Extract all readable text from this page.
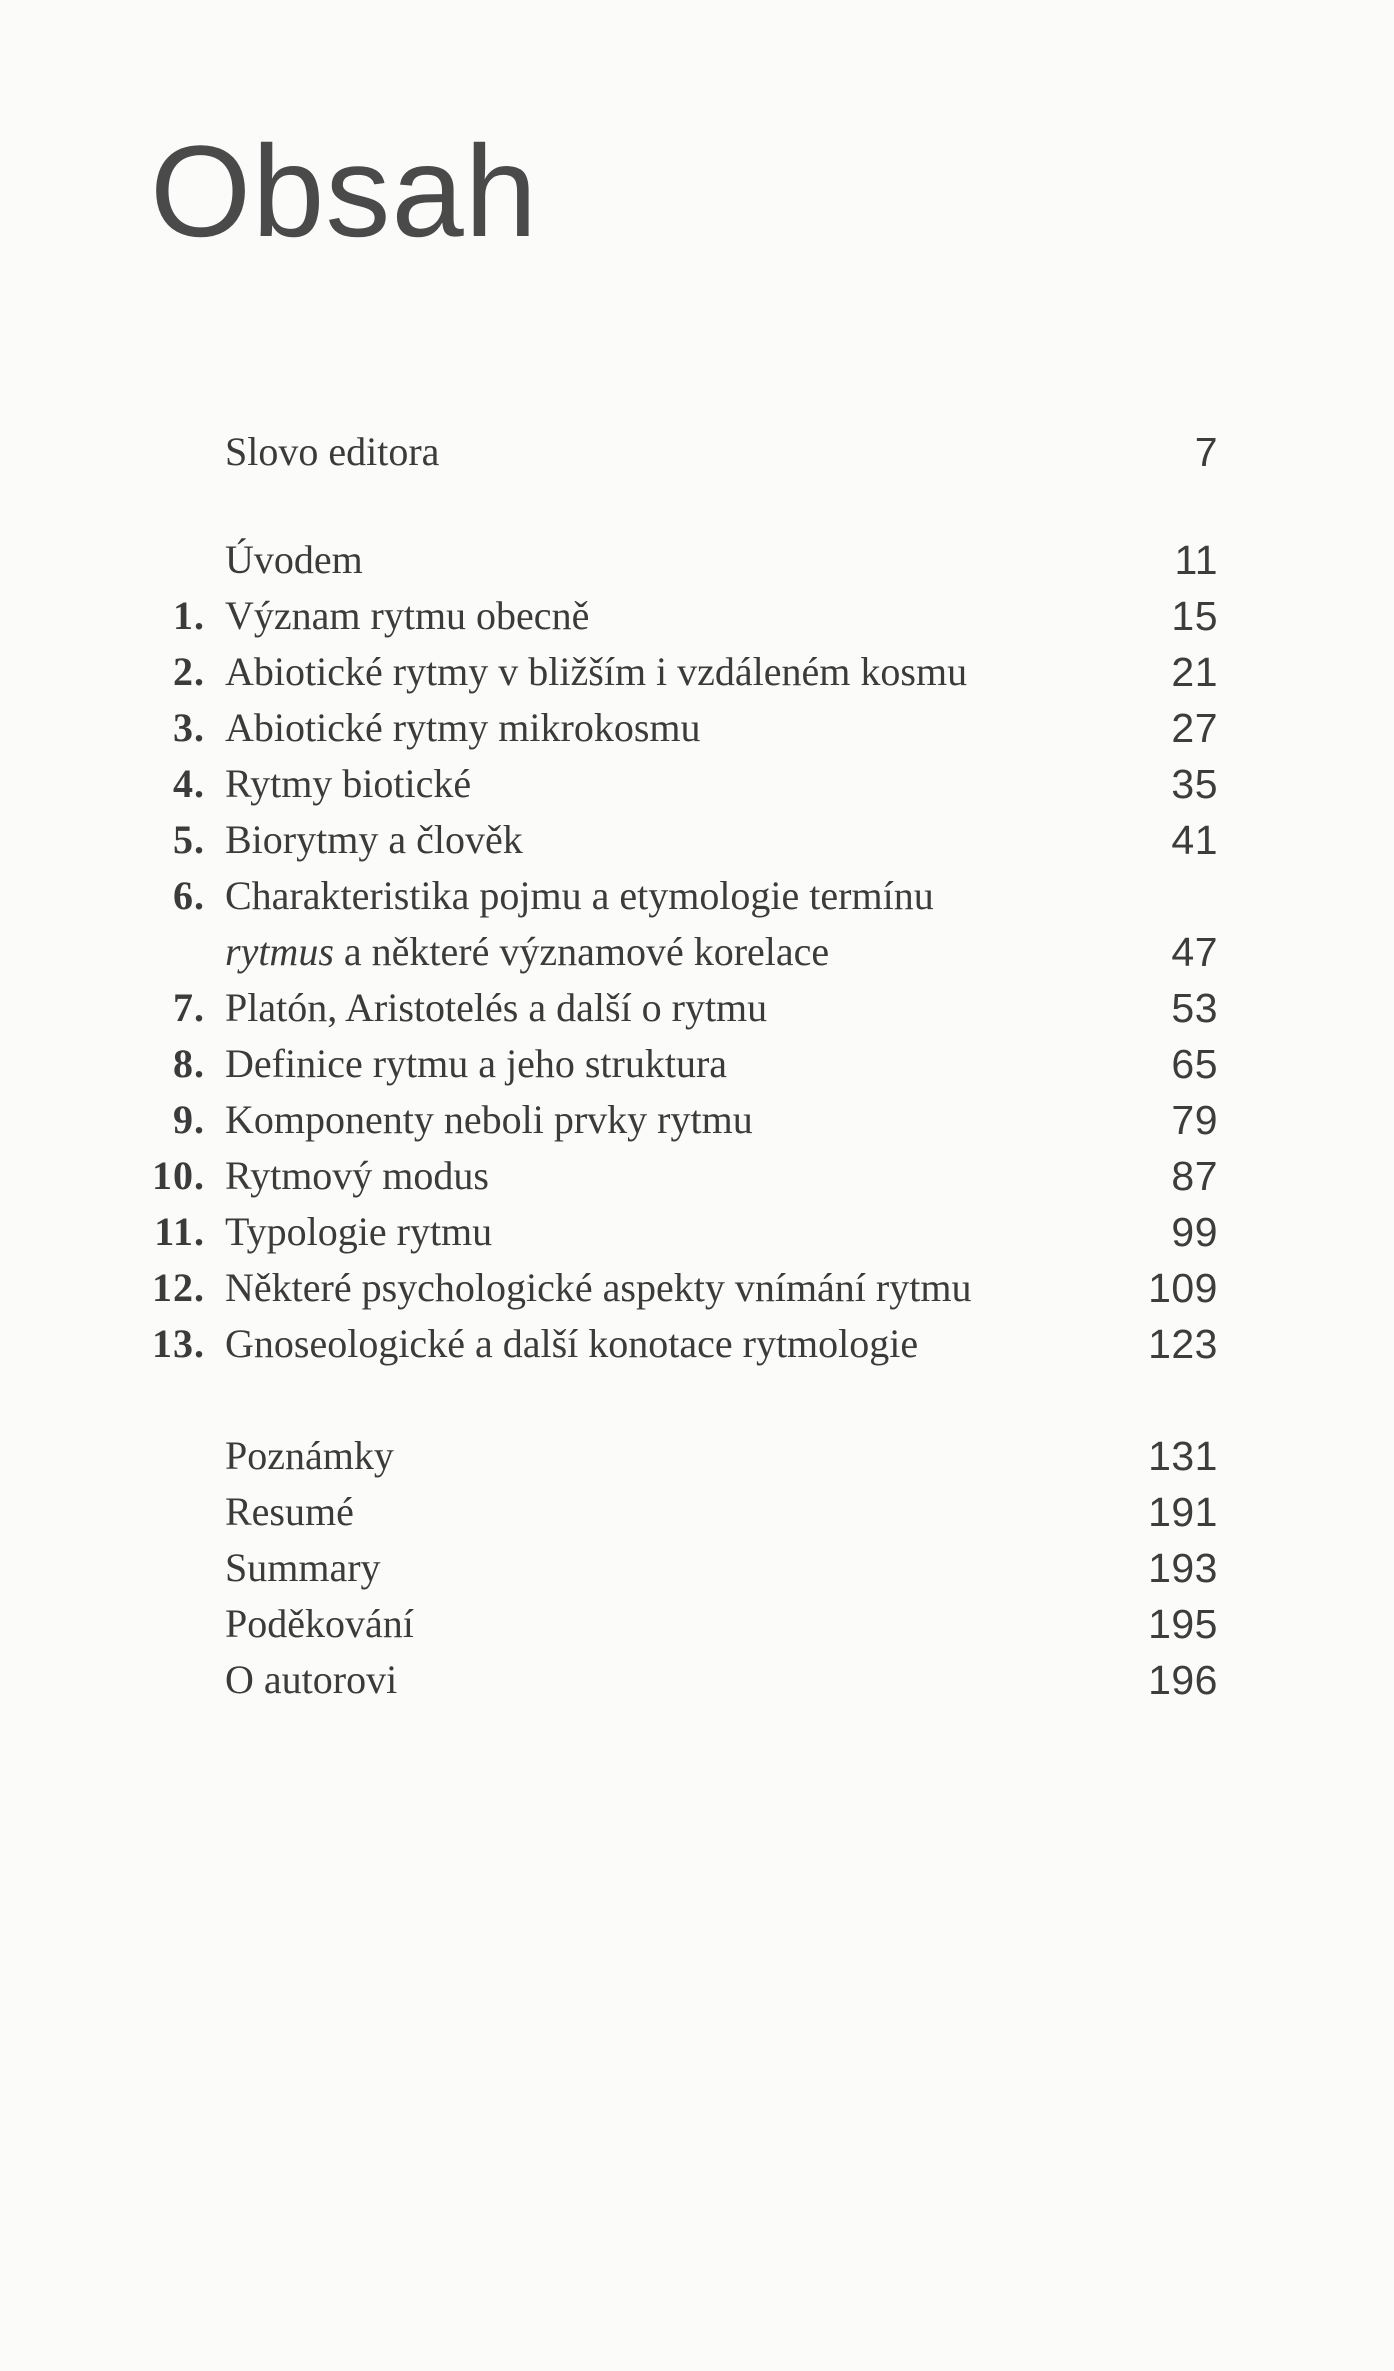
Obsah
Slovo editora	7
Úvodem	11
1. Význam rytmu obecně	15
2. Abiotické rytmy v bližším i vzdáleném kosmu	21
3. Abiotické rytmy mikrokosmu	27
4. Rytmy biotické	35
5. Biorytmy a člověk	41
6. Charakteristika pojmu a etymologie termínu
rytmus a některé významové korelace	47
7. Platón, Aristotelés a další o rytmu	53
8. Definice rytmu a jeho struktura	65
9. Komponenty neboli prvky rytmu	79
10. Rytmový modus	87
11. Typologie rytmu	99
12. Některé psychologické aspekty vnímání rytmu	109
13. Gnoseologické a další konotace rytmologie	123
Poznámky	131
Resumé	191
Summary	193
Poděkování	195
O autorovi	196
